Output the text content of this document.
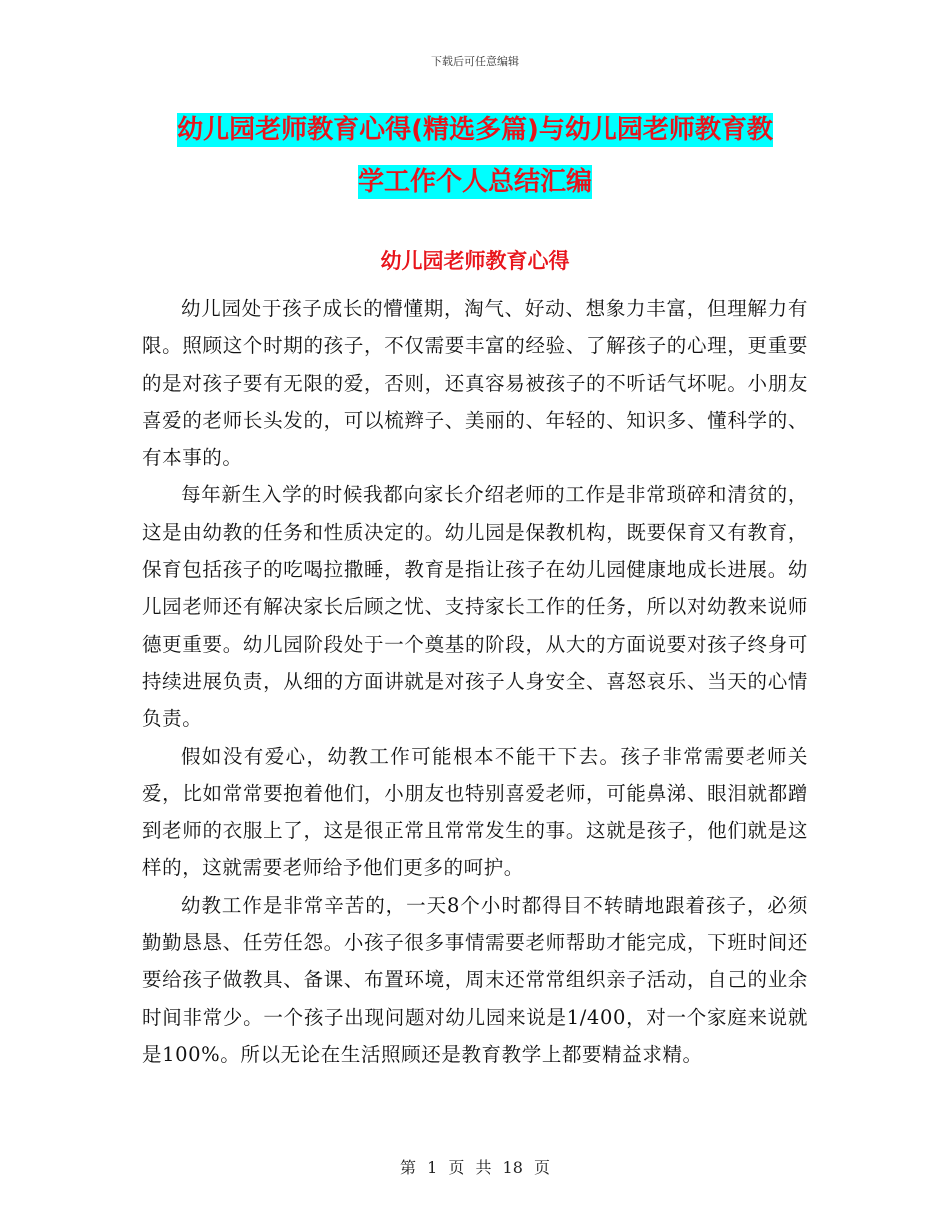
下载后可任意编辑
幼儿园老师教育心得(精选多篇)与幼儿园老师教育教
学工作个人总结汇编
幼儿园老师教育心得

幼儿园处于孩子成长的懵懂期，淘气、好动、想象力丰富，但理解力有限。照顾这个时期的孩子，不仅需要丰富的经验、了解孩子的心理，更重要的是对孩子要有无限的爱，否则，还真容易被孩子的不听话气坏呢。小朋友喜爱的老师长头发的，可以梳辫子、美丽的、年轻的、知识多、懂科学的、有本事的。

每年新生入学的时候我都向家长介绍老师的工作是非常琐碎和清贫的，这是由幼教的任务和性质决定的。幼儿园是保教机构，既要保育又有教育，保育包括孩子的吃喝拉撒睡，教育是指让孩子在幼儿园健康地成长进展。幼儿园老师还有解决家长后顾之忧、支持家长工作的任务，所以对幼教来说师德更重要。幼儿园阶段处于一个奠基的阶段，从大的方面说要对孩子终身可持续进展负责，从细的方面讲就是对孩子人身安全、喜怒哀乐、当天的心情负责。

假如没有爱心，幼教工作可能根本不能干下去。孩子非常需要老师关爱，比如常常要抱着他们，小朋友也特别喜爱老师，可能鼻涕、眼泪就都蹭到老师的衣服上了，这是很正常且常常发生的事。这就是孩子，他们就是这样的，这就需要老师给予他们更多的呵护。

幼教工作是非常辛苦的，一天8个小时都得目不转睛地跟着孩子，必须勤勤恳恳、任劳任怨。小孩子很多事情需要老师帮助才能完成，下班时间还要给孩子做教具、备课、布置环境，周末还常常组织亲子活动，自己的业余时间非常少。一个孩子出现问题对幼儿园来说是1/400，对一个家庭来说就是100%。所以无论在生活照顾还是教育教学上都要精益求精。

第 1 页 共 18 页
